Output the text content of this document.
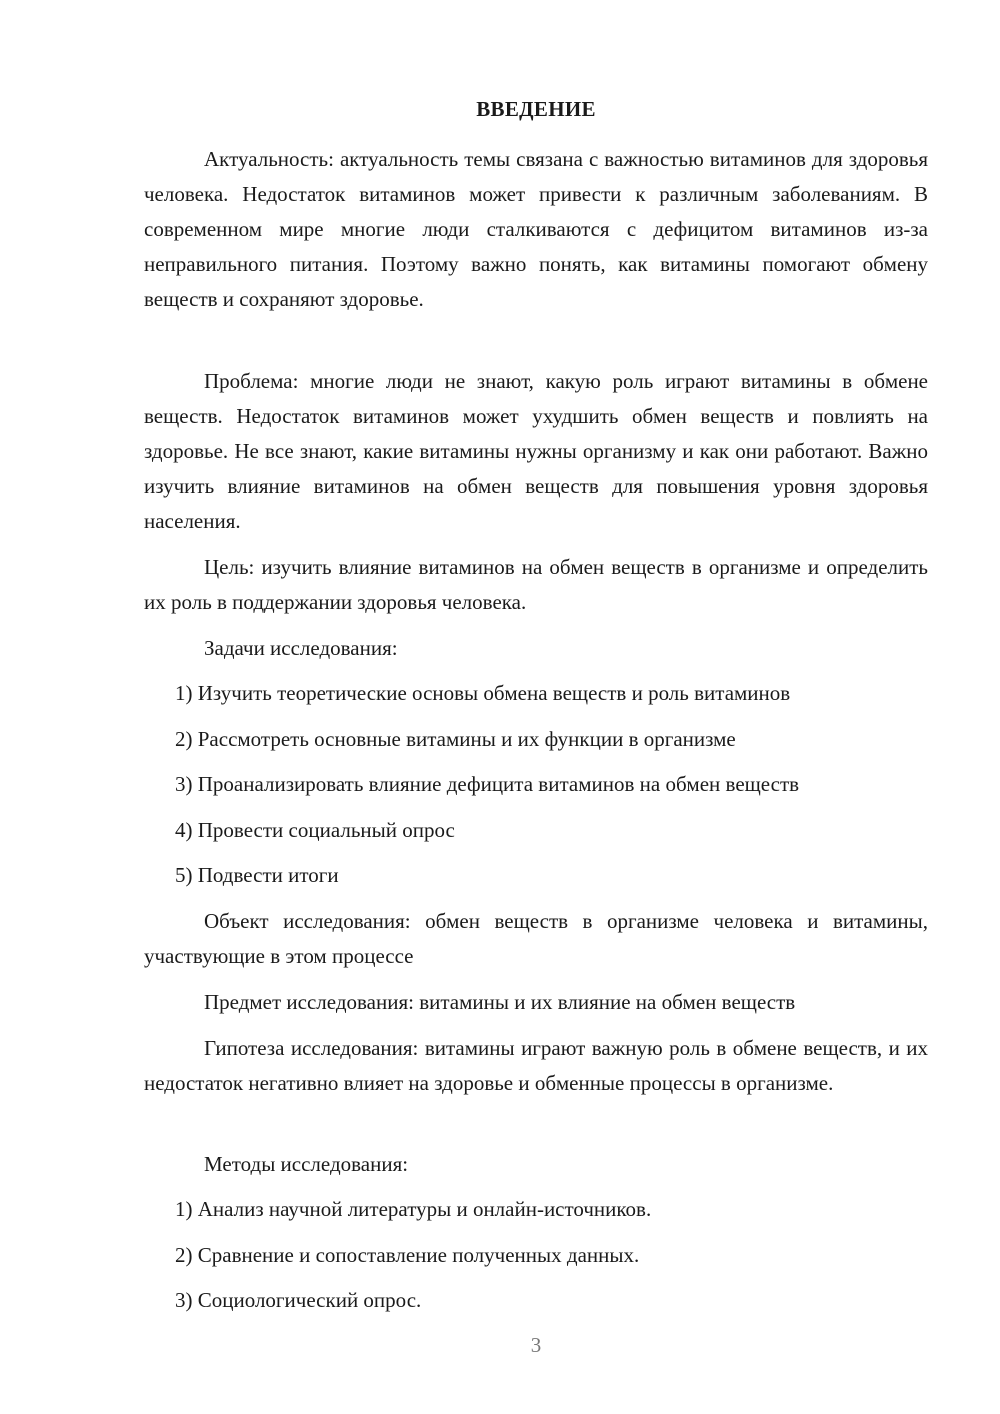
ВВЕДЕНИЕ

Актуальность: актуальность темы связана с важностью витаминов для здоровья человека. Недостаток витаминов может привести к различным заболеваниям. В современном мире многие люди сталкиваются с дефицитом витаминов из-за неправильного питания. Поэтому важно понять, как витамины помогают обмену веществ и сохраняют здоровье.

Проблема: многие люди не знают, какую роль играют витамины в обмене веществ. Недостаток витаминов может ухудшить обмен веществ и повлиять на здоровье. Не все знают, какие витамины нужны организму и как они работают. Важно изучить влияние витаминов на обмен веществ для повышения уровня здоровья населения.

Цель: изучить влияние витаминов на обмен веществ в организме и определить их роль в поддержании здоровья человека.

Задачи исследования:

1) Изучить теоретические основы обмена веществ и роль витаминов

2) Рассмотреть основные витамины и их функции в организме

3) Проанализировать влияние дефицита витаминов на обмен веществ

4) Провести социальный опрос

5) Подвести итоги

Объект исследования: обмен веществ в организме человека и витамины, участвующие в этом процессе

Предмет исследования: витамины и их влияние на обмен веществ

Гипотеза исследования: витамины играют важную роль в обмене веществ, и их недостаток негативно влияет на здоровье и обменные процессы в организме.

Методы исследования:

1) Анализ научной литературы и онлайн-источников.

2) Сравнение и сопоставление полученных данных.

3) Социологический опрос.

3
